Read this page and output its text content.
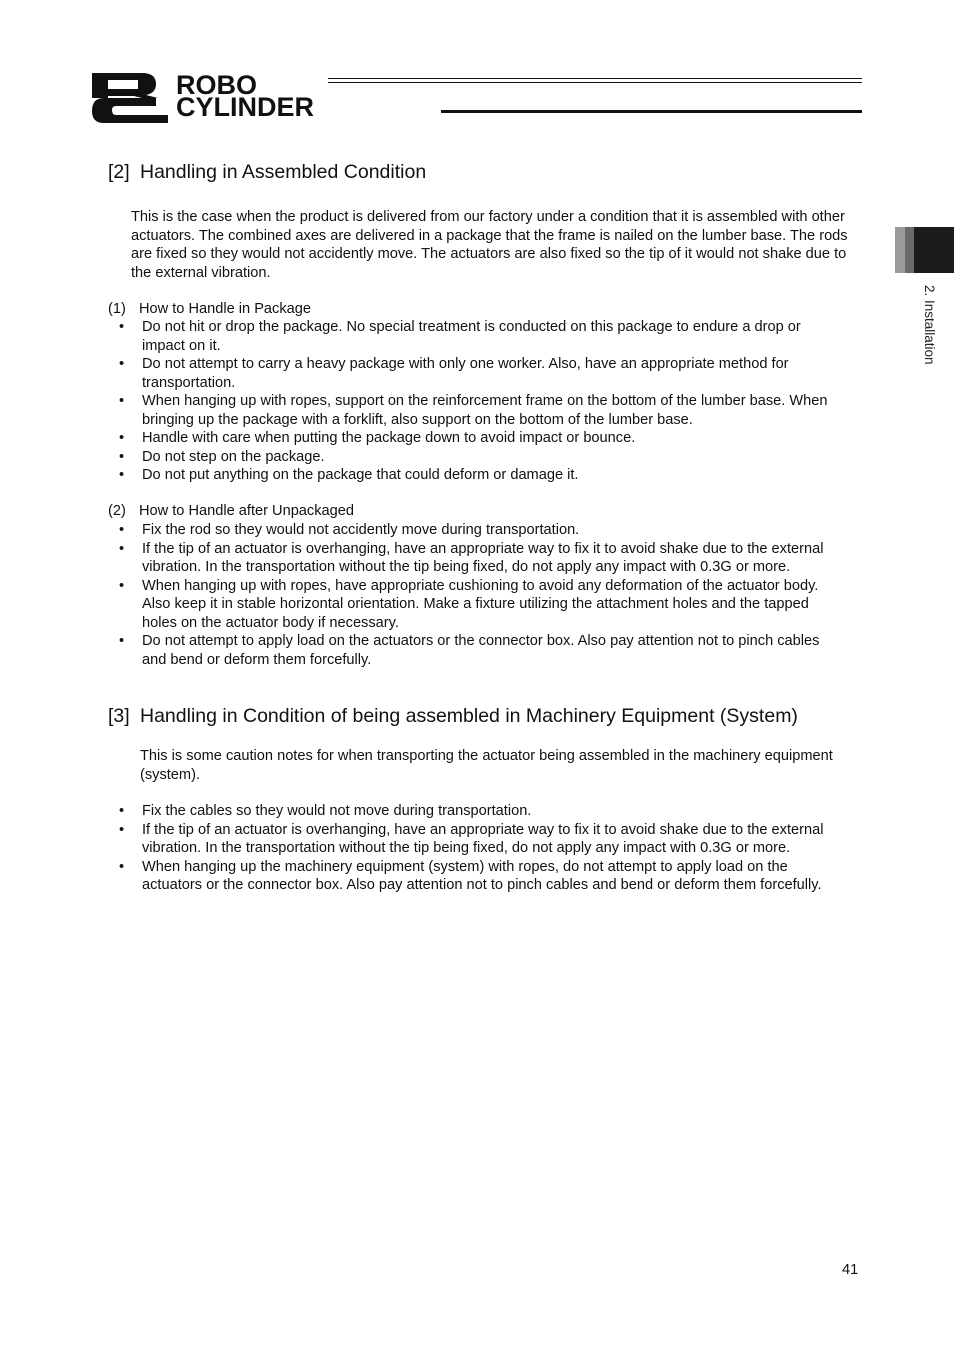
ROBO
CYLINDER
2. Installation
[2] Handling in Assembled Condition
This is the case when the product is delivered from our factory under a condition that it is assembled with other actuators. The combined axes are delivered in a package that the frame is nailed on the lumber base. The rods are fixed so they would not accidently move. The actuators are also fixed so the tip of it would not shake due to the external vibration.
(1) How to Handle in Package
• Do not hit or drop the package. No special treatment is conducted on this package to endure a drop or impact on it.
• Do not attempt to carry a heavy package with only one worker. Also, have an appropriate method for transportation.
• When hanging up with ropes, support on the reinforcement frame on the bottom of the lumber base. When bringing up the package with a forklift, also support on the bottom of the lumber base.
• Handle with care when putting the package down to avoid impact or bounce.
• Do not step on the package.
• Do not put anything on the package that could deform or damage it.
(2) How to Handle after Unpackaged
• Fix the rod so they would not accidently move during transportation.
• If the tip of an actuator is overhanging, have an appropriate way to fix it to avoid shake due to the external vibration. In the transportation without the tip being fixed, do not apply any impact with 0.3G or more.
• When hanging up with ropes, have appropriate cushioning to avoid any deformation of the actuator body. Also keep it in stable horizontal orientation. Make a fixture utilizing the attachment holes and the tapped holes on the actuator body if necessary.
• Do not attempt to apply load on the actuators or the connector box. Also pay attention not to pinch cables and bend or deform them forcefully.
[3] Handling in Condition of being assembled in Machinery Equipment (System)
This is some caution notes for when transporting the actuator being assembled in the machinery equipment (system).
• Fix the cables so they would not move during transportation.
• If the tip of an actuator is overhanging, have an appropriate way to fix it to avoid shake due to the external vibration. In the transportation without the tip being fixed, do not apply any impact with 0.3G or more.
• When hanging up the machinery equipment (system) with ropes, do not attempt to apply load on the actuators or the connector box. Also pay attention not to pinch cables and bend or deform them forcefully.
41
